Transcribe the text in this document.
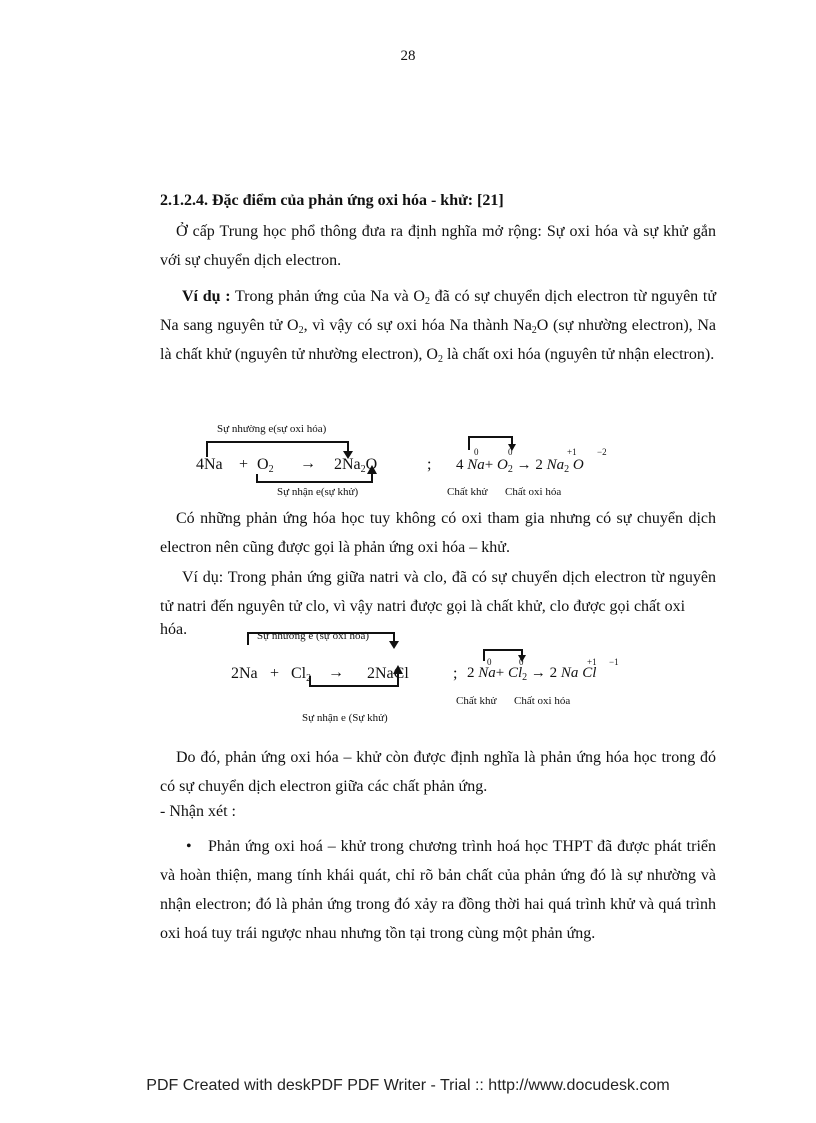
28
2.1.2.4. Đặc điểm của phản ứng oxi hóa - khử: [21]

Ở cấp Trung học phổ thông đưa ra định nghĩa mở rộng: Sự oxi hóa và sự khử gắn với sự chuyển dịch electron.

Ví dụ : Trong phản ứng của Na và $O_2$ đã có sự chuyển dịch electron từ nguyên tử Na sang nguyên tử $O_2$, vì vậy có sự oxi hóa Na thành $Na_2O$ (sự nhường electron), Na là chất khử (nguyên tử nhường electron), $O_2$ là chất oxi hóa (nguyên tử nhận electron).

Sự nhường e(sự oxi hóa)
Sự nhận e(sự khử)
$4Na + O_2 \to 2Na_2O$	;
0	0	+1 −2
4 $Na+ O_2 \to 2$ $Na_2$ O
Chất khử Chất oxi hóa

Có những phản ứng hóa học tuy không có oxi tham gia nhưng có sự chuyển dịch electron nên cũng được gọi là phản ứng oxi hóa – khử.

Ví dụ: Trong phản ứng giữa natri và clo, đã có sự chuyển dịch electron từ nguyên tử natri đến nguyên tử clo, vì vậy natri được gọi là chất khử, clo được gọi chất oxi

hóa.	Sự nhường e (sự oxi hóa)
Sự nhận e (Sự khử)
$2Na + Cl_2$ → 2NaCl	;
0	0	+1 −1
2 $Na+ Cl_2 \to 2$ Na Cl
Chất khử Chất oxi hóa

Do đó, phản ứng oxi hóa – khử còn được định nghĩa là phản ứng hóa học trong đó có sự chuyển dịch electron giữa các chất phản ứng.

- Nhận xét :

• Phản ứng oxi hoá – khử trong chương trình hoá học THPT đã được phát triển và hoàn thiện, mang tính khái quát, chỉ rõ bản chất của phản ứng đó là sự nhường và nhận electron; đó là phản ứng trong đó xảy ra đồng thời hai quá trình khử và quá trình oxi hoá tuy trái ngược nhau nhưng tồn tại trong cùng một phản ứng.

PDF Created with deskPDF PDF Writer - Trial :: http://www.docudesk.com
